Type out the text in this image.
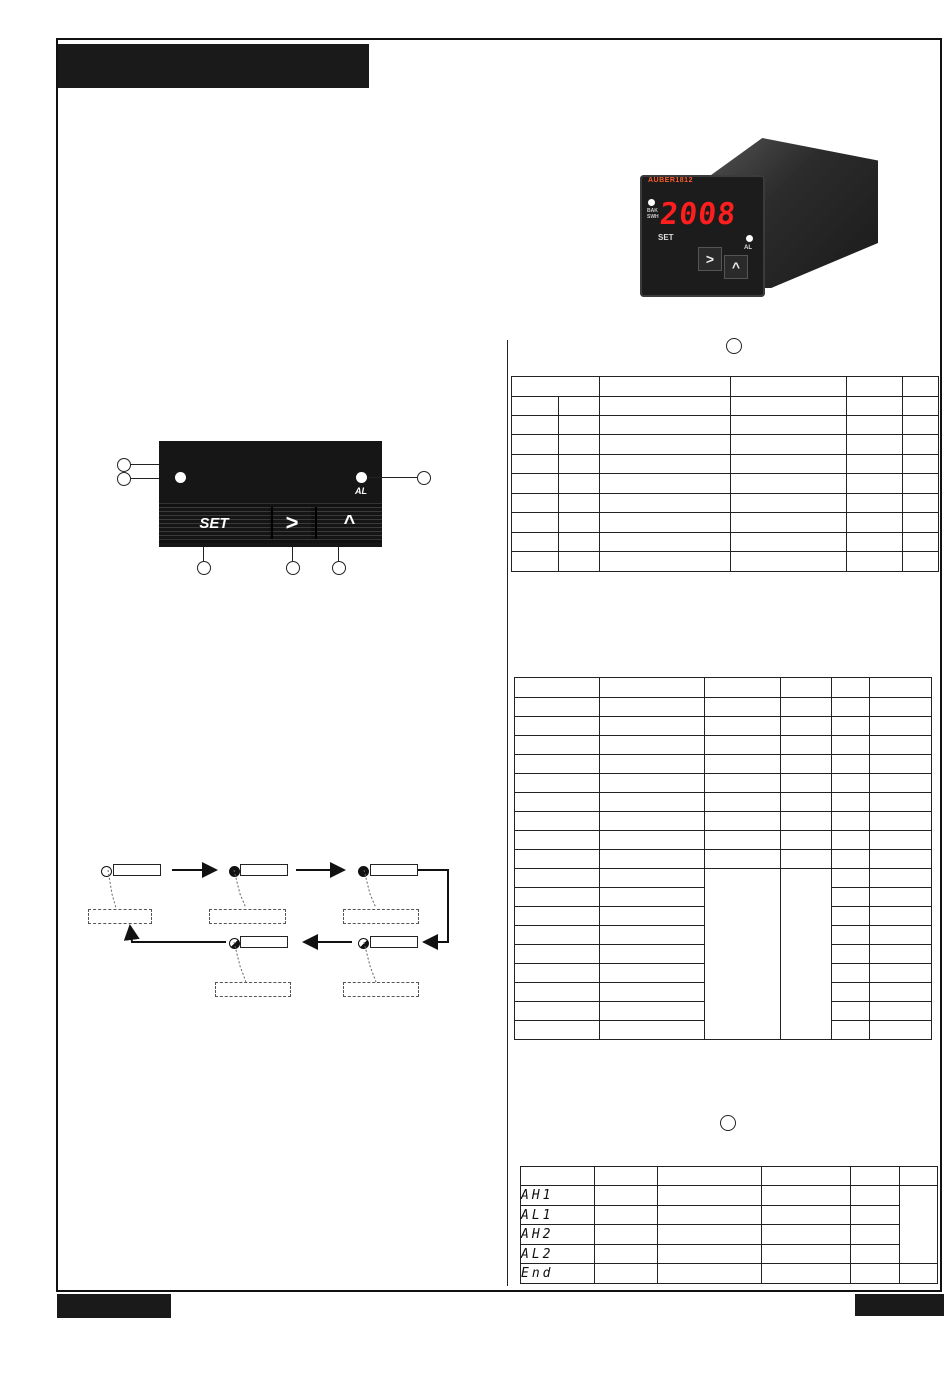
AUBER1812
BAK
SWH 2008
SET
AL
> ^
AL
SET	> ^

AH1					
AL1					
AH2					
AL2					
End					
